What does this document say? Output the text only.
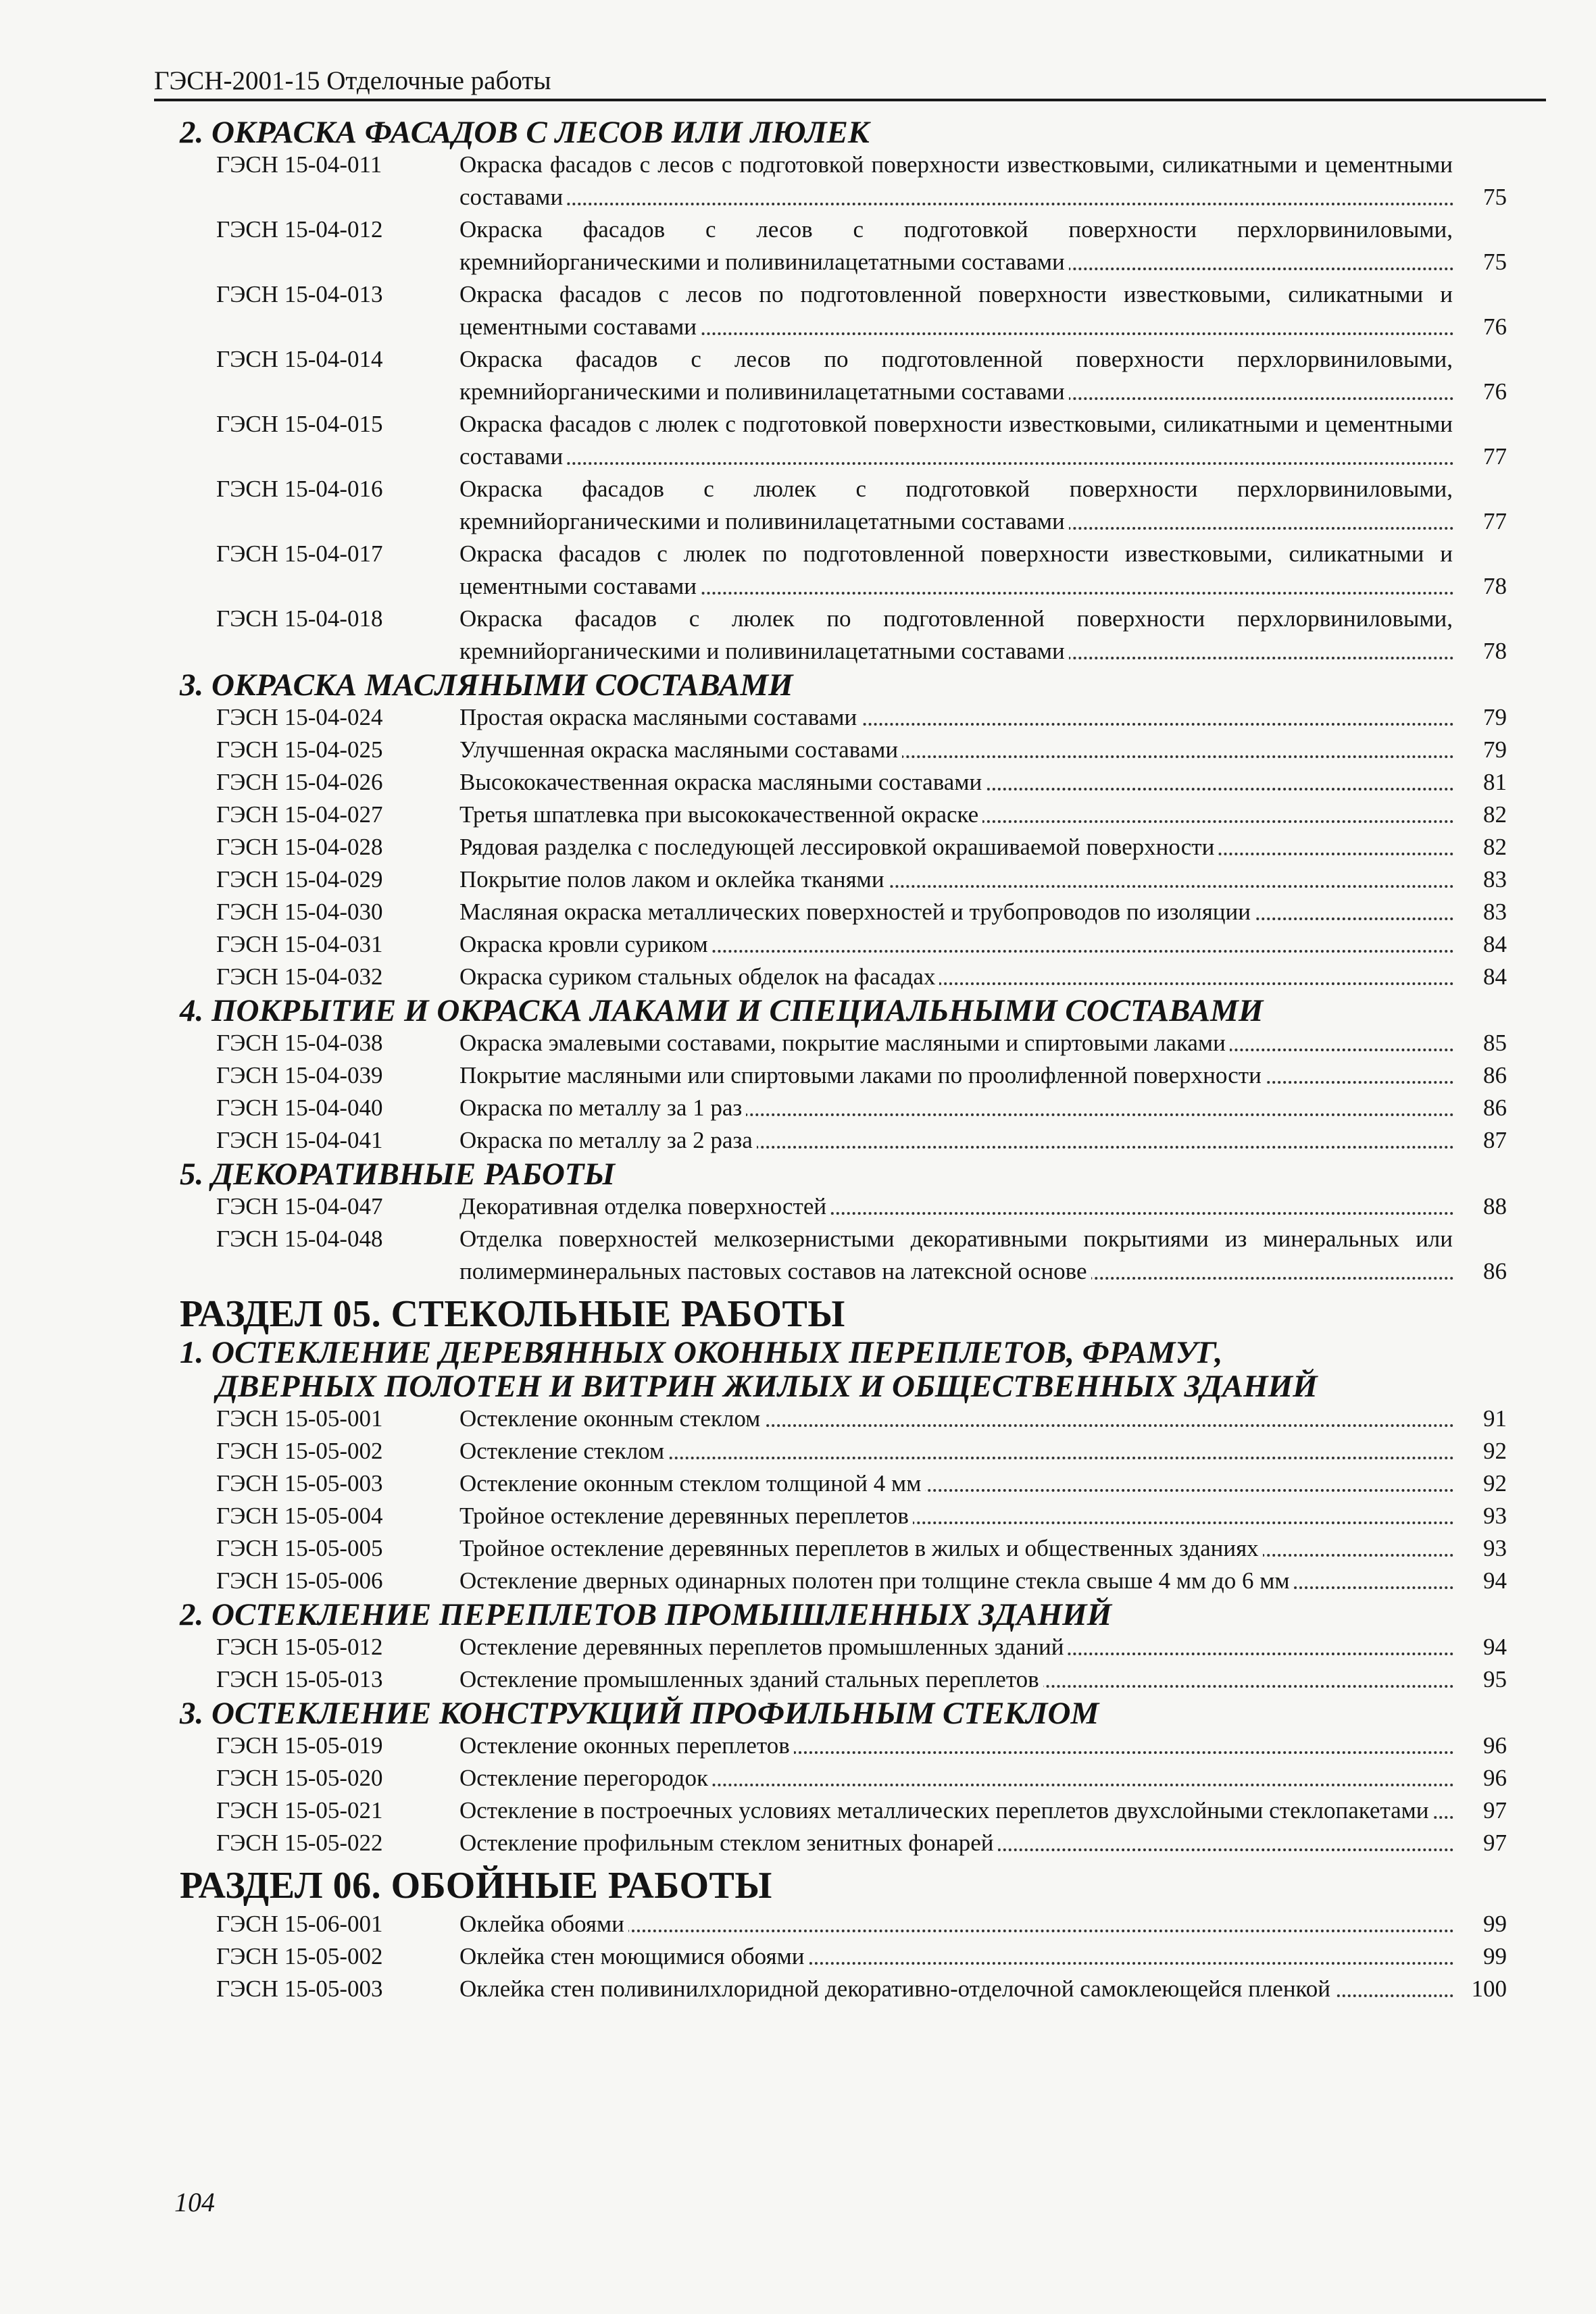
ГЭСН-2001-15 Отделочные работы
2. ОКРАСКА ФАСАДОВ С ЛЕСОВ ИЛИ ЛЮЛЕК
ГЭСН 15-04-011	Окраска фасадов с лесов с подготовкой поверхности известковыми, силикатными и цементными составами	75
ГЭСН 15-04-012	Окраска фасадов с лесов с подготовкой поверхности перхлорвиниловыми, кремнийорганическими и поливинилацетатными составами	75
ГЭСН 15-04-013	Окраска фасадов с лесов по подготовленной поверхности известковыми, силикатными и цементными составами	76
ГЭСН 15-04-014	Окраска фасадов с лесов по подготовленной поверхности перхлорвиниловыми, кремнийорганическими и поливинилацетатными составами	76
ГЭСН 15-04-015	Окраска фасадов с люлек с подготовкой поверхности известковыми, силикатными и цементными составами	77
ГЭСН 15-04-016	Окраска фасадов с люлек с подготовкой поверхности перхлорвиниловыми, кремнийорганическими и поливинилацетатными составами	77
ГЭСН 15-04-017	Окраска фасадов с люлек по подготовленной поверхности известковыми, силикатными и цементными составами	78
ГЭСН 15-04-018	Окраска фасадов с люлек по подготовленной поверхности перхлорвиниловыми, кремнийорганическими и поливинилацетатными составами	78
3. ОКРАСКА МАСЛЯНЫМИ СОСТАВАМИ
ГЭСН 15-04-024	Простая окраска масляными составами	79
ГЭСН 15-04-025	Улучшенная окраска масляными составами	79
ГЭСН 15-04-026	Высококачественная окраска масляными составами	81
ГЭСН 15-04-027	Третья шпатлевка при высококачественной окраске	82
ГЭСН 15-04-028	Рядовая разделка с последующей лессировкой окрашиваемой поверхности	82
ГЭСН 15-04-029	Покрытие полов лаком и оклейка тканями	83
ГЭСН 15-04-030	Масляная окраска металлических поверхностей и трубопроводов по изоляции	83
ГЭСН 15-04-031	Окраска кровли суриком	84
ГЭСН 15-04-032	Окраска суриком стальных обделок на фасадах	84
4. ПОКРЫТИЕ И ОКРАСКА ЛАКАМИ И СПЕЦИАЛЬНЫМИ СОСТАВАМИ
ГЭСН 15-04-038	Окраска эмалевыми составами, покрытие масляными и спиртовыми лаками	85
ГЭСН 15-04-039	Покрытие масляными или спиртовыми лаками по проолифленной поверхности	86
ГЭСН 15-04-040	Окраска по металлу за 1 раз	86
ГЭСН 15-04-041	Окраска по металлу за 2 раза	87
5. ДЕКОРАТИВНЫЕ РАБОТЫ
ГЭСН 15-04-047	Декоративная отделка поверхностей	88
ГЭСН 15-04-048	Отделка поверхностей мелкозернистыми декоративными покрытиями из минеральных или полимерминеральных пастовых составов на латексной основе	86
РАЗДЕЛ 05. СТЕКОЛЬНЫЕ РАБОТЫ
1. ОСТЕКЛЕНИЕ ДЕРЕВЯННЫХ ОКОННЫХ ПЕРЕПЛЕТОВ, ФРАМУГ,
ДВЕРНЫХ ПОЛОТЕН И ВИТРИН ЖИЛЫХ И ОБЩЕСТВЕННЫХ ЗДАНИЙ
ГЭСН 15-05-001	Остекление оконным стеклом	91
ГЭСН 15-05-002	Остекление стеклом	92
ГЭСН 15-05-003	Остекление оконным стеклом толщиной 4 мм	92
ГЭСН 15-05-004	Тройное остекление деревянных переплетов	93
ГЭСН 15-05-005	Тройное остекление деревянных переплетов в жилых и общественных зданиях	93
ГЭСН 15-05-006	Остекление дверных одинарных полотен при толщине стекла свыше 4 мм до 6 мм	94
2. ОСТЕКЛЕНИЕ ПЕРЕПЛЕТОВ ПРОМЫШЛЕННЫХ ЗДАНИЙ
ГЭСН 15-05-012	Остекление деревянных переплетов промышленных зданий	94
ГЭСН 15-05-013	Остекление промышленных зданий стальных переплетов	95
3. ОСТЕКЛЕНИЕ КОНСТРУКЦИЙ ПРОФИЛЬНЫМ СТЕКЛОМ
ГЭСН 15-05-019	Остекление оконных переплетов	96
ГЭСН 15-05-020	Остекление перегородок	96
ГЭСН 15-05-021	Остекление в построечных условиях металлических переплетов двухслойными стеклопакетами	97
ГЭСН 15-05-022	Остекление профильным стеклом зенитных фонарей	97
РАЗДЕЛ 06. ОБОЙНЫЕ РАБОТЫ
ГЭСН 15-06-001	Оклейка обоями	99
ГЭСН 15-05-002	Оклейка стен моющимися обоями	99
ГЭСН 15-05-003	Оклейка стен поливинилхлоридной декоративно-отделочной самоклеющейся пленкой	100
104
